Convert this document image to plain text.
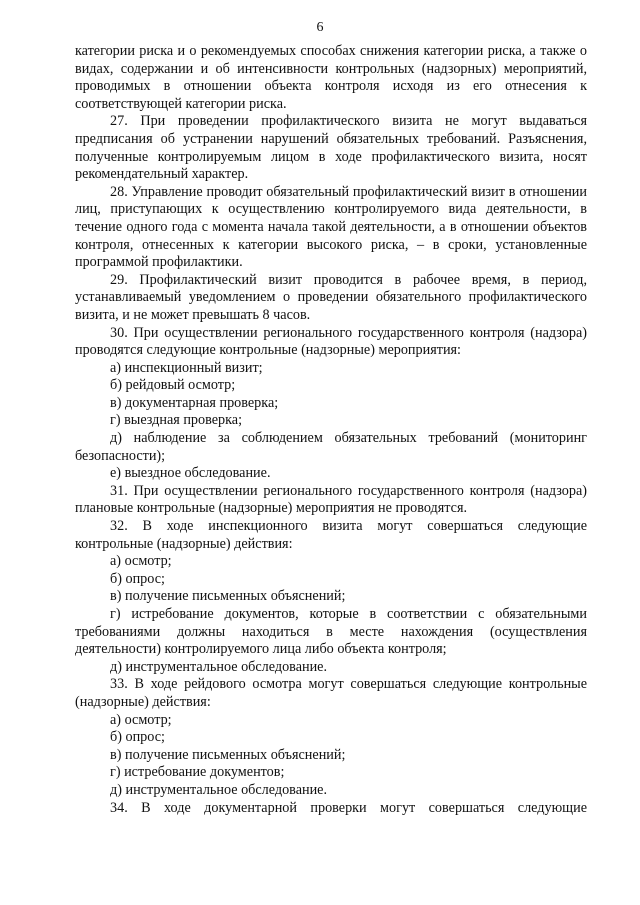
6

категории риска и о рекомендуемых способах снижения категории риска, а также о видах, содержании и об интенсивности контрольных (надзорных) мероприятий, проводимых в отношении объекта контроля исходя из его отнесения к соответствующей категории риска.

27. При проведении профилактического визита не могут выдаваться предписания об устранении нарушений обязательных требований. Разъяснения, полученные контролируемым лицом в ходе профилактического визита, носят рекомендательный характер.

28. Управление проводит обязательный профилактический визит в отношении лиц, приступающих к осуществлению контролируемого вида деятельности, в течение одного года с момента начала такой деятельности, а в отношении объектов контроля, отнесенных к категории высокого риска, – в сроки, установленные программой профилактики.

29. Профилактический визит проводится в рабочее время, в период, устанавливаемый уведомлением о проведении обязательного профилактического визита, и не может превышать 8 часов.

30. При осуществлении регионального государственного контроля (надзора) проводятся следующие контрольные (надзорные) мероприятия:

а) инспекционный визит;

б) рейдовый осмотр;

в) документарная проверка;

г) выездная проверка;

д) наблюдение за соблюдением обязательных требований (мониторинг безопасности);

е) выездное обследование.

31. При осуществлении регионального государственного контроля (надзора) плановые контрольные (надзорные) мероприятия не проводятся.

32. В ходе инспекционного визита могут совершаться следующие контрольные (надзорные) действия:

а) осмотр;

б) опрос;

в) получение письменных объяснений;

г) истребование документов, которые в соответствии с обязательными требованиями должны находиться в месте нахождения (осуществления деятельности) контролируемого лица либо объекта контроля;

д) инструментальное обследование.

33. В ходе рейдового осмотра могут совершаться следующие контрольные (надзорные) действия:

а) осмотр;

б) опрос;

в) получение письменных объяснений;

г) истребование документов;

д) инструментальное обследование.

34. В ходе документарной проверки могут совершаться следующие
